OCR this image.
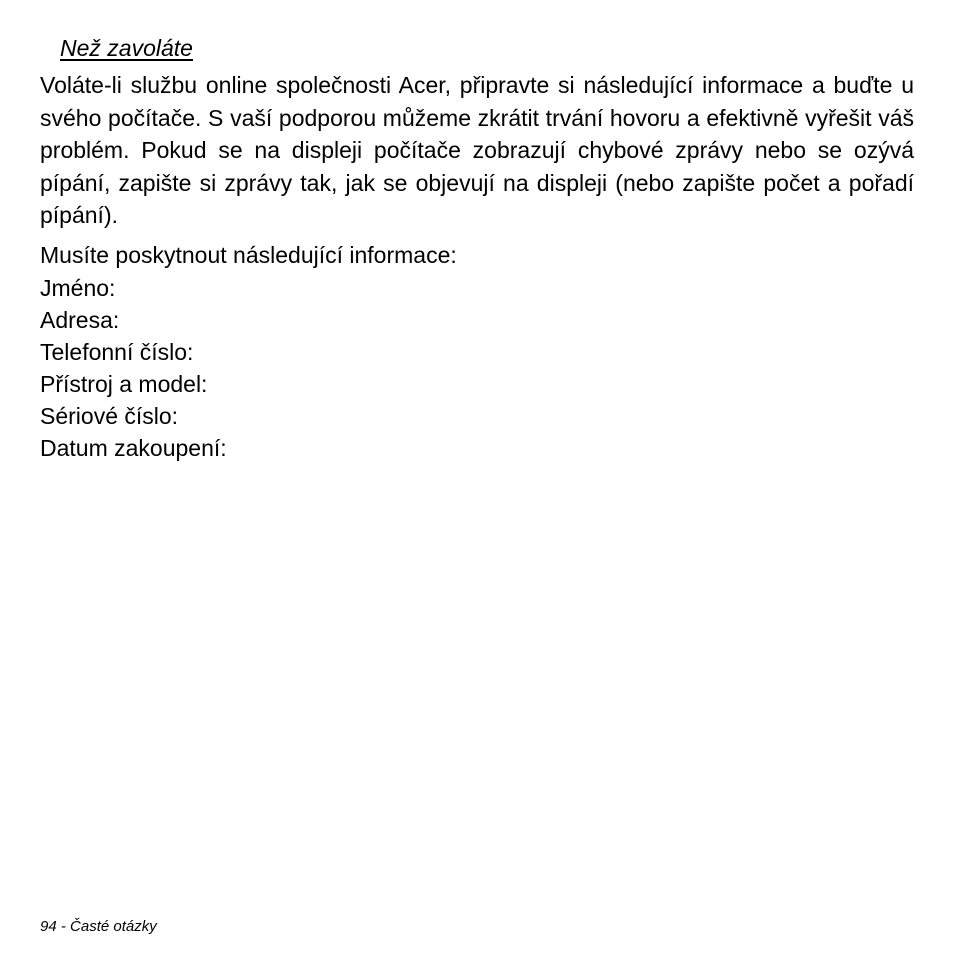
Než zavoláte

Voláte-li službu online společnosti Acer, připravte si následující informace a buďte u svého počítače. S vaší podporou můžeme zkrátit trvání hovoru a efektivně vyřešit váš problém. Pokud se na displeji počítače zobrazují chybové zprávy nebo se ozývá pípání, zapište si zprávy tak, jak se objevují na displeji (nebo zapište počet a pořadí pípání).

Musíte poskytnout následující informace:

Jméno:
Adresa:
Telefonní číslo:
Přístroj a model:
Sériové číslo:
Datum zakoupení:
94 - Časté otázky
